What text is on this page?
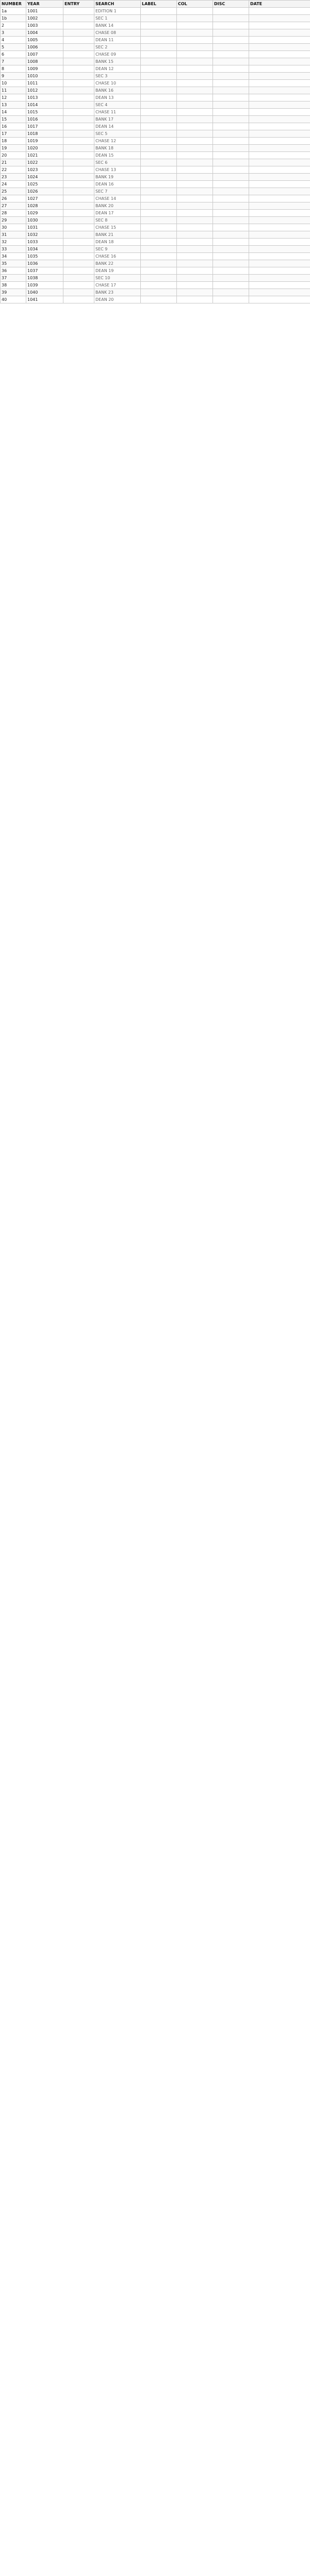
NUMBER	YEAR	ENTRY	SEARCH	LABEL	COL	DISC	DATE
1a	1001		EDITION 1				
1b	1002		SEC 1				
2	1003		BANK 14				
3	1004		CHASE 08				
4	1005		DEAN 11				
5	1006		SEC 2				
6	1007		CHASE 09				
7	1008		BANK 15				
8	1009		DEAN 12				
9	1010		SEC 3				
10	1011		CHASE 10				
11	1012		BANK 16				
12	1013		DEAN 13				
13	1014		SEC 4				
14	1015		CHASE 11				
15	1016		BANK 17				
16	1017		DEAN 14				
17	1018		SEC 5				
18	1019		CHASE 12				
19	1020		BANK 18				
20	1021		DEAN 15				
21	1022		SEC 6				
22	1023		CHASE 13				
23	1024		BANK 19				
24	1025		DEAN 16				
25	1026		SEC 7				
26	1027		CHASE 14				
27	1028		BANK 20				
28	1029		DEAN 17				
29	1030		SEC 8				
30	1031		CHASE 15				
31	1032		BANK 21				
32	1033		DEAN 18				
33	1034		SEC 9				
34	1035		CHASE 16				
35	1036		BANK 22				
36	1037		DEAN 19				
37	1038		SEC 10				
38	1039		CHASE 17				
39	1040		BANK 23				
40	1041		DEAN 20				
